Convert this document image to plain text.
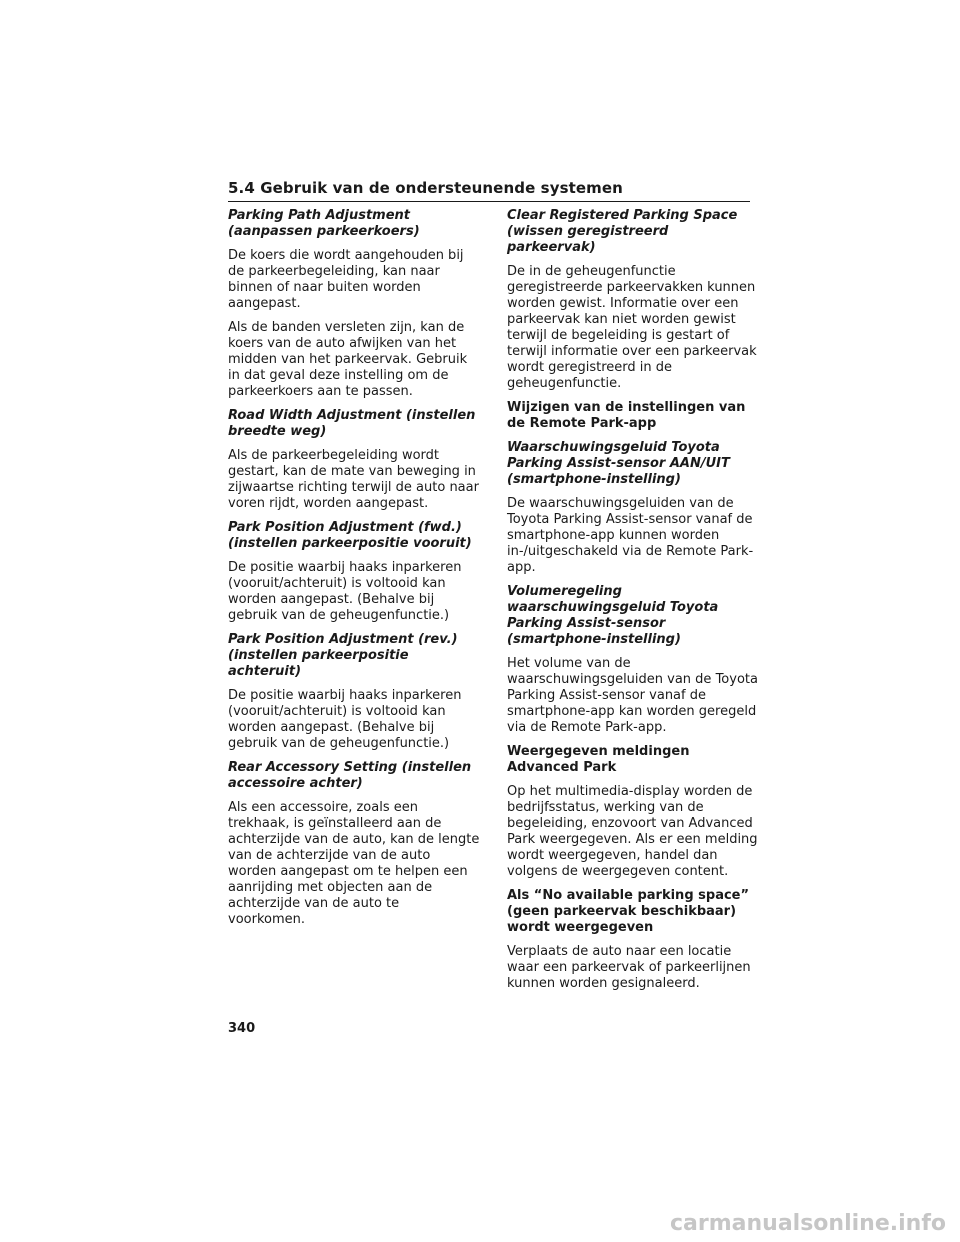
5.4 Gebruik van de ondersteunende systemen

Parking Path Adjustment (aanpassen parkeerkoers)

De koers die wordt aangehouden bij de parkeerbegeleiding, kan naar binnen of naar buiten worden aangepast.

Als de banden versleten zijn, kan de koers van de auto afwijken van het midden van het parkeervak. Gebruik in dat geval deze instelling om de parkeerkoers aan te passen.

Road Width Adjustment (instellen breedte weg)

Als de parkeerbegeleiding wordt gestart, kan de mate van beweging in zijwaartse richting terwijl de auto naar voren rijdt, worden aangepast.

Park Position Adjustment (fwd.) (instellen parkeerpositie vooruit)

De positie waarbij haaks inparkeren (vooruit/achteruit) is voltooid kan worden aangepast. (Behalve bij gebruik van de geheugenfunctie.)

Park Position Adjustment (rev.) (instellen parkeerpositie achteruit)

De positie waarbij haaks inparkeren (vooruit/achteruit) is voltooid kan worden aangepast. (Behalve bij gebruik van de geheugenfunctie.)

Rear Accessory Setting (instellen accessoire achter)

Als een accessoire, zoals een trekhaak, is geïnstalleerd aan de achterzijde van de auto, kan de lengte van de achterzijde van de auto worden aangepast om te helpen een aanrijding met objecten aan de achterzijde van de auto te voorkomen.

Clear Registered Parking Space (wissen geregistreerd parkeervak)

De in de geheugenfunctie geregistreerde parkeervakken kunnen worden gewist. Informatie over een parkeervak kan niet worden gewist terwijl de begeleiding is gestart of terwijl informatie over een parkeervak wordt geregistreerd in de geheugenfunctie.

Wijzigen van de instellingen van de Remote Park-app

Waarschuwingsgeluid Toyota Parking Assist-sensor AAN/UIT (smartphone-instelling)

De waarschuwingsgeluiden van de Toyota Parking Assist-sensor vanaf de smartphone-app kunnen worden in-/uitgeschakeld via de Remote Park-app.

Volumeregeling waarschuwingsgeluid Toyota Parking Assist-sensor (smartphone-instelling)

Het volume van de waarschuwingsgeluiden van de Toyota Parking Assist-sensor vanaf de smartphone-app kan worden geregeld via de Remote Park-app.

Weergegeven meldingen Advanced Park

Op het multimedia-display worden de bedrijfsstatus, werking van de begeleiding, enzovoort van Advanced Park weergegeven. Als er een melding wordt weergegeven, handel dan volgens de weergegeven content.

Als “No available parking space” (geen parkeervak beschikbaar) wordt weergegeven

Verplaats de auto naar een locatie waar een parkeervak of parkeerlijnen kunnen worden gesignaleerd.

340
carmanualsonline.info
